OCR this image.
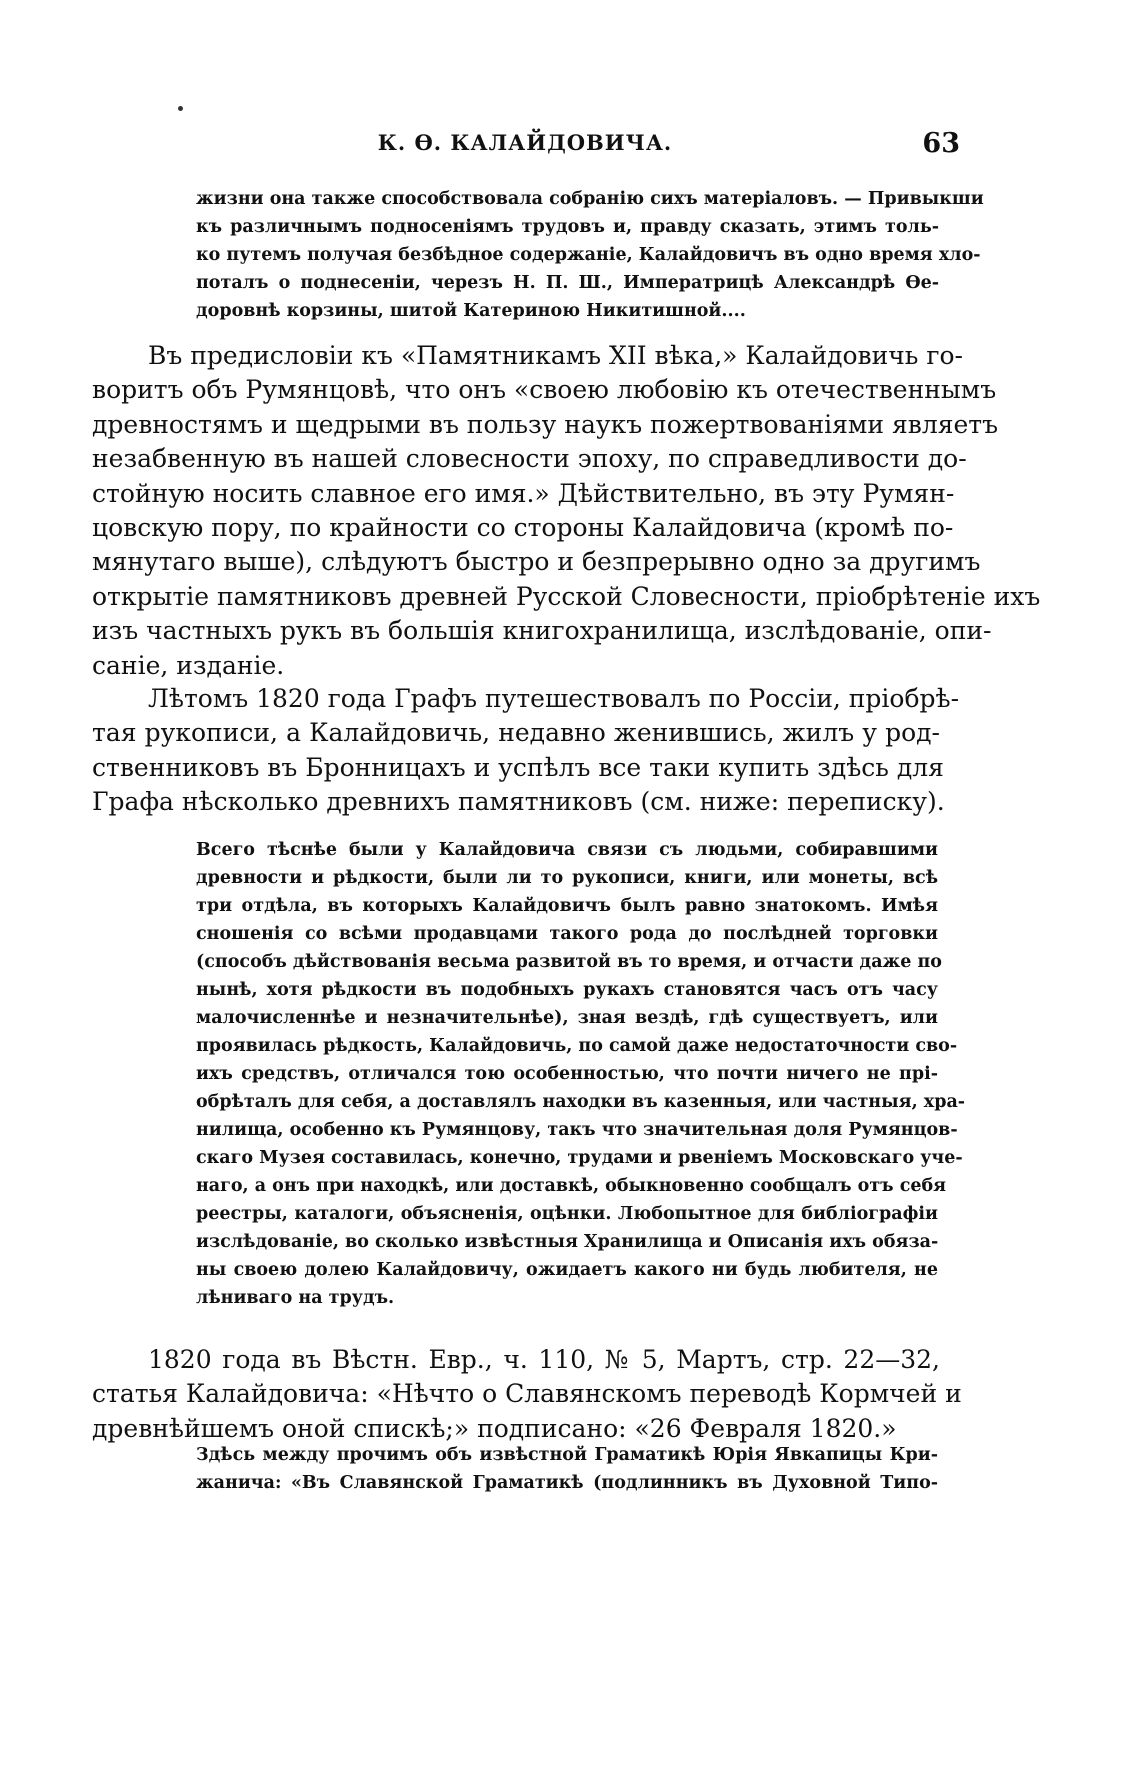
К. Ѳ. КАЛАЙДОВИЧА.	63
жизни она также способствовала собранію сихъ матеріаловъ. — Привыкши
къ различнымъ подносеніямъ трудовъ и, правду сказать, этимъ толь-
ко путемъ получая безбѣдное содержаніе, Калайдовичъ въ одно время хло-
поталъ о поднесеніи, черезъ Н. П. Ш., Императрицѣ Александрѣ Ѳе-
доровнѣ корзины, шитой Катериною Никитишной....
Въ предисловіи къ «Памятникамъ XII вѣка,» Калайдовичь го-
воритъ объ Румянцовѣ, что онъ «своею любовію къ отечественнымъ
древностямъ и щедрыми въ пользу наукъ пожертвованіями являетъ
незабвенную въ нашей словесности эпоху, по справедливости до-
стойную носить славное его имя.» Дѣйствительно, въ эту Румян-
цовскую пору, по крайности со стороны Калайдовича (кромѣ по-
мянутаго выше), слѣдуютъ быстро и безпрерывно одно за другимъ
открытіе памятниковъ древней Русской Словесности, пріобрѣтеніе ихъ
изъ частныхъ рукъ въ большія книгохранилища, изслѣдованіе, опи-
саніе, изданіе.
Лѣтомъ 1820 года Графъ путешествовалъ по Россіи, пріобрѣ-
тая рукописи, а Калайдовичь, недавно женившись, жилъ у род-
ственниковъ въ Бронницахъ и успѣлъ все таки купить здѣсь для
Графа нѣсколько древнихъ памятниковъ (см. ниже: переписку).
Всего тѣснѣе были у Калайдовича связи съ людьми, собиравшими
древности и рѣдкости, были ли то рукописи, книги, или монеты, всѣ
три отдѣла, въ которыхъ Калайдовичъ былъ равно знатокомъ. Имѣя
сношенія со всѣми продавцами такого рода до послѣдней торговки
(способъ дѣйствованія весьма развитой въ то время, и отчасти даже по
нынѣ, хотя рѣдкости въ подобныхъ рукахъ становятся часъ отъ часу
малочисленнѣе и незначительнѣе), зная вездѣ, гдѣ существуетъ, или
проявилась рѣдкость, Калайдовичь, по самой даже недостаточности сво-
ихъ средствъ, отличался тою особенностью, что почти ничего не прі-
обрѣталъ для себя, а доставлялъ находки въ казенныя, или частныя, хра-
нилища, особенно къ Румянцову, такъ что значительная доля Румянцов-
скаго Музея составилась, конечно, трудами и рвеніемъ Московскаго уче-
наго, а онъ при находкѣ, или доставкѣ, обыкновенно сообщалъ отъ себя
реестры, каталоги, объясненія, оцѣнки. Любопытное для библіографіи
изслѣдованіе, во сколько извѣстныя Хранилища и Описанія ихъ обяза-
ны своею долею Калайдовичу, ожидаетъ какого ни будь любителя, не
лѣниваго на трудъ.
1820 года въ Вѣстн. Евр., ч. 110, № 5, Мартъ, стр. 22—32,
статья Калайдовича: «Нѣчто о Славянскомъ переводѣ Кормчей и
древнѣйшемъ оной спискѣ;» подписано: «26 Февраля 1820.»
Здѣсь между прочимъ объ извѣстной Граматикѣ Юрія Явкапицы Кри-
жанича: «Въ Славянской Граматикѣ (подлинникъ въ Духовной Типо-
